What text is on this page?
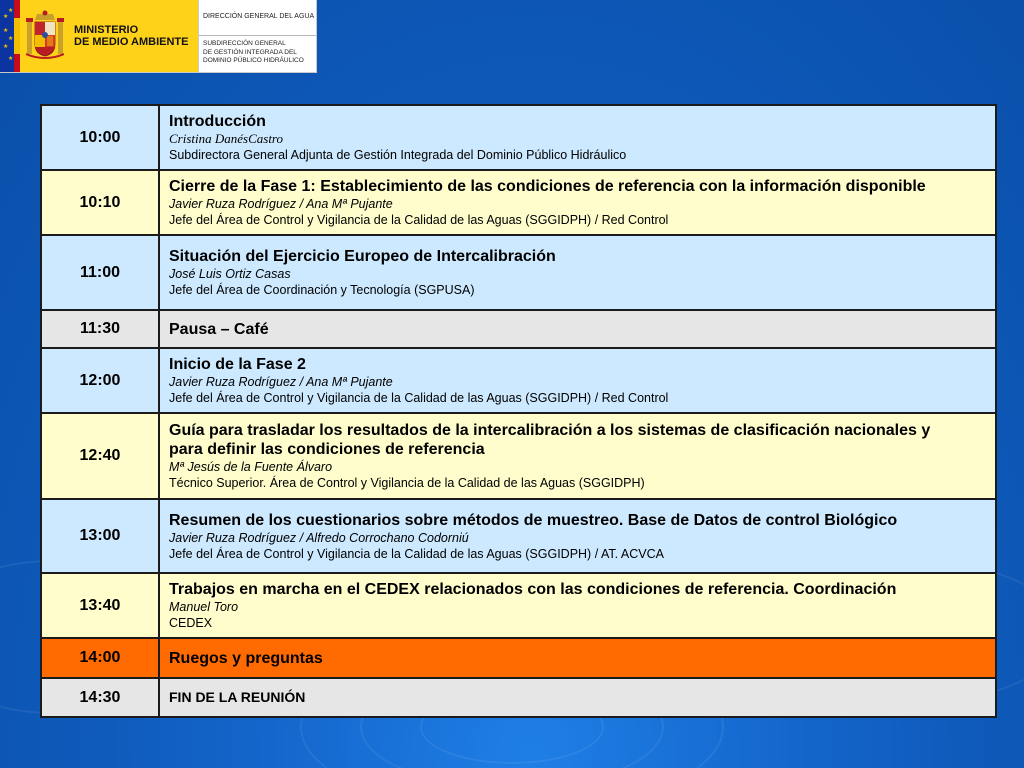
★
★
★
★
★
★
MINISTERIO
DE MEDIO AMBIENTE
DIRECCIÓN GENERAL DEL AGUA
SUBDIRECCIÓN GENERAL
DE GESTIÓN INTEGRADA DEL
DOMINIO PÚBLICO HIDRÁULICO
10:00	Introducción
Cristina DanésCastro
Subdirectora General Adjunta de Gestión Integrada del Dominio Público Hidráulico

10:10	Cierre de la Fase 1: Establecimiento de las condiciones de referencia con la información disponible
Javier Ruza Rodríguez / Ana Mª Pujante
Jefe del Área de Control y Vigilancia de la Calidad de las Aguas (SGGIDPH) / Red Control

11:00	Situación del Ejercicio Europeo de Intercalibración
José Luis Ortiz Casas
Jefe del Área de Coordinación y Tecnología (SGPUSA)

11:30	Pausa – Café

12:00	Inicio de la Fase 2
Javier Ruza Rodríguez / Ana Mª Pujante
Jefe del Área de Control y Vigilancia de la Calidad de las Aguas (SGGIDPH) / Red Control

12:40	Guía para trasladar los resultados de la intercalibración a los sistemas de clasificación nacionales y
para definir las condiciones de referencia
Mª Jesús de la Fuente Álvaro
Técnico Superior. Área de Control y Vigilancia de la Calidad de las Aguas (SGGIDPH)

13:00	Resumen de los cuestionarios sobre métodos de muestreo. Base de Datos de control Biológico
Javier Ruza Rodríguez / Alfredo Corrochano Codorniú
Jefe del Área de Control y Vigilancia de la Calidad de las Aguas (SGGIDPH) / AT. ACVCA

13:40	Trabajos en marcha en el CEDEX relacionados con las condiciones de referencia. Coordinación
Manuel Toro
CEDEX

14:00	Ruegos y preguntas

14:30	FIN DE LA REUNIÓN
